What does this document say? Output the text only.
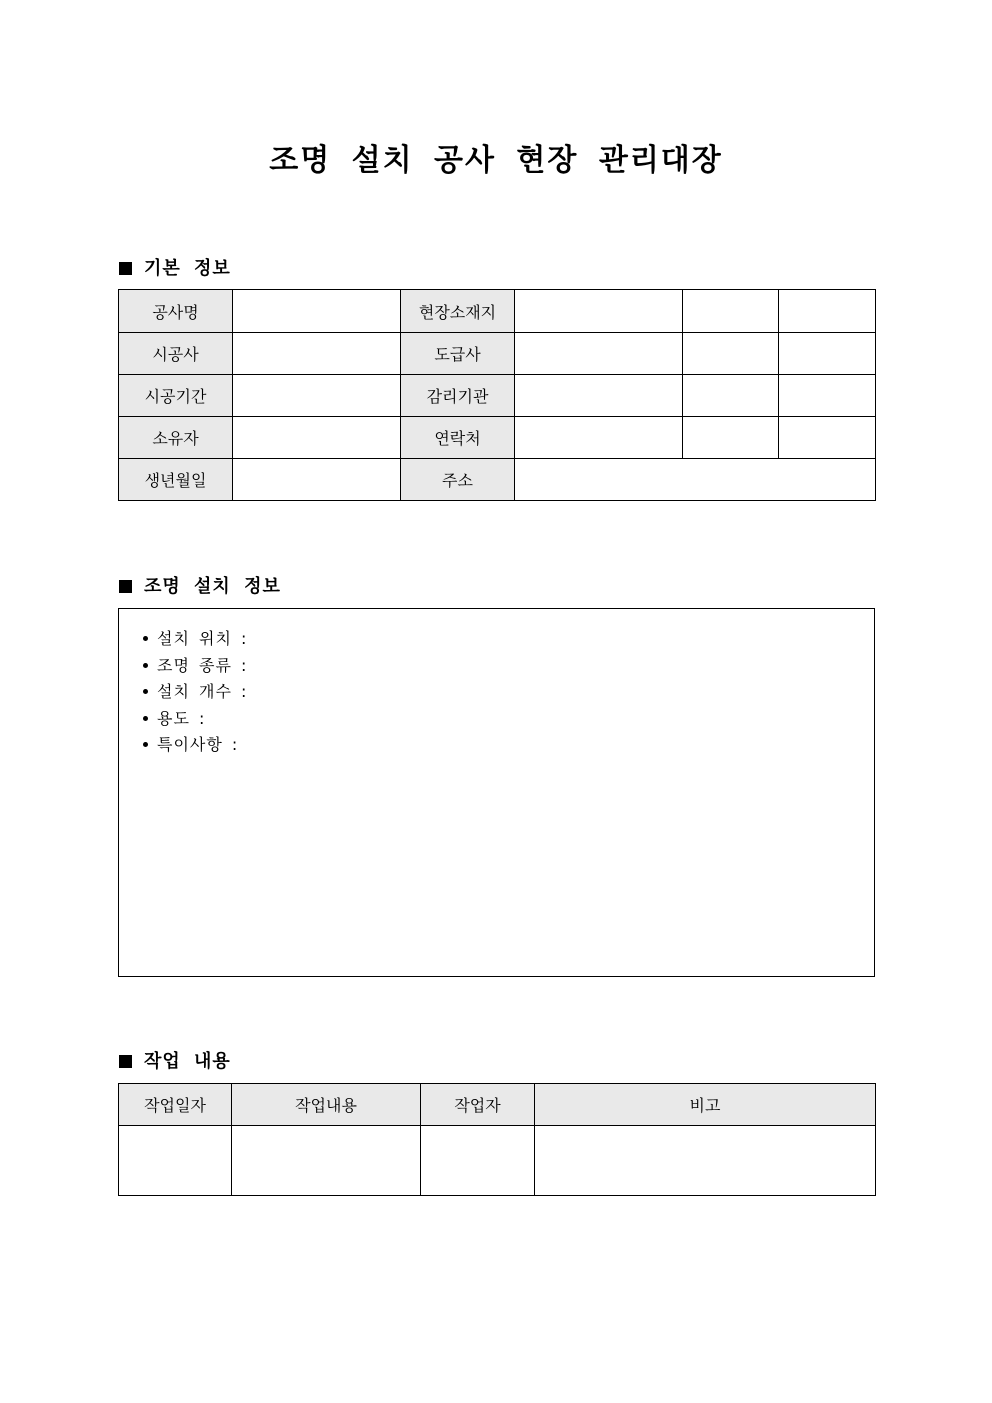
조명 설치 공사 현장 관리대장
기본 정보
공사명		현장소재지			
시공사		도급사			
시공기간		감리기관			
소유자		연락처			
생년월일		주소			
조명 설치 정보
설치 위치 :
조명 종류 :
설치 개수 :
용도 :
특이사항 :
작업 내용
작업일자	작업내용	작업자	비고
